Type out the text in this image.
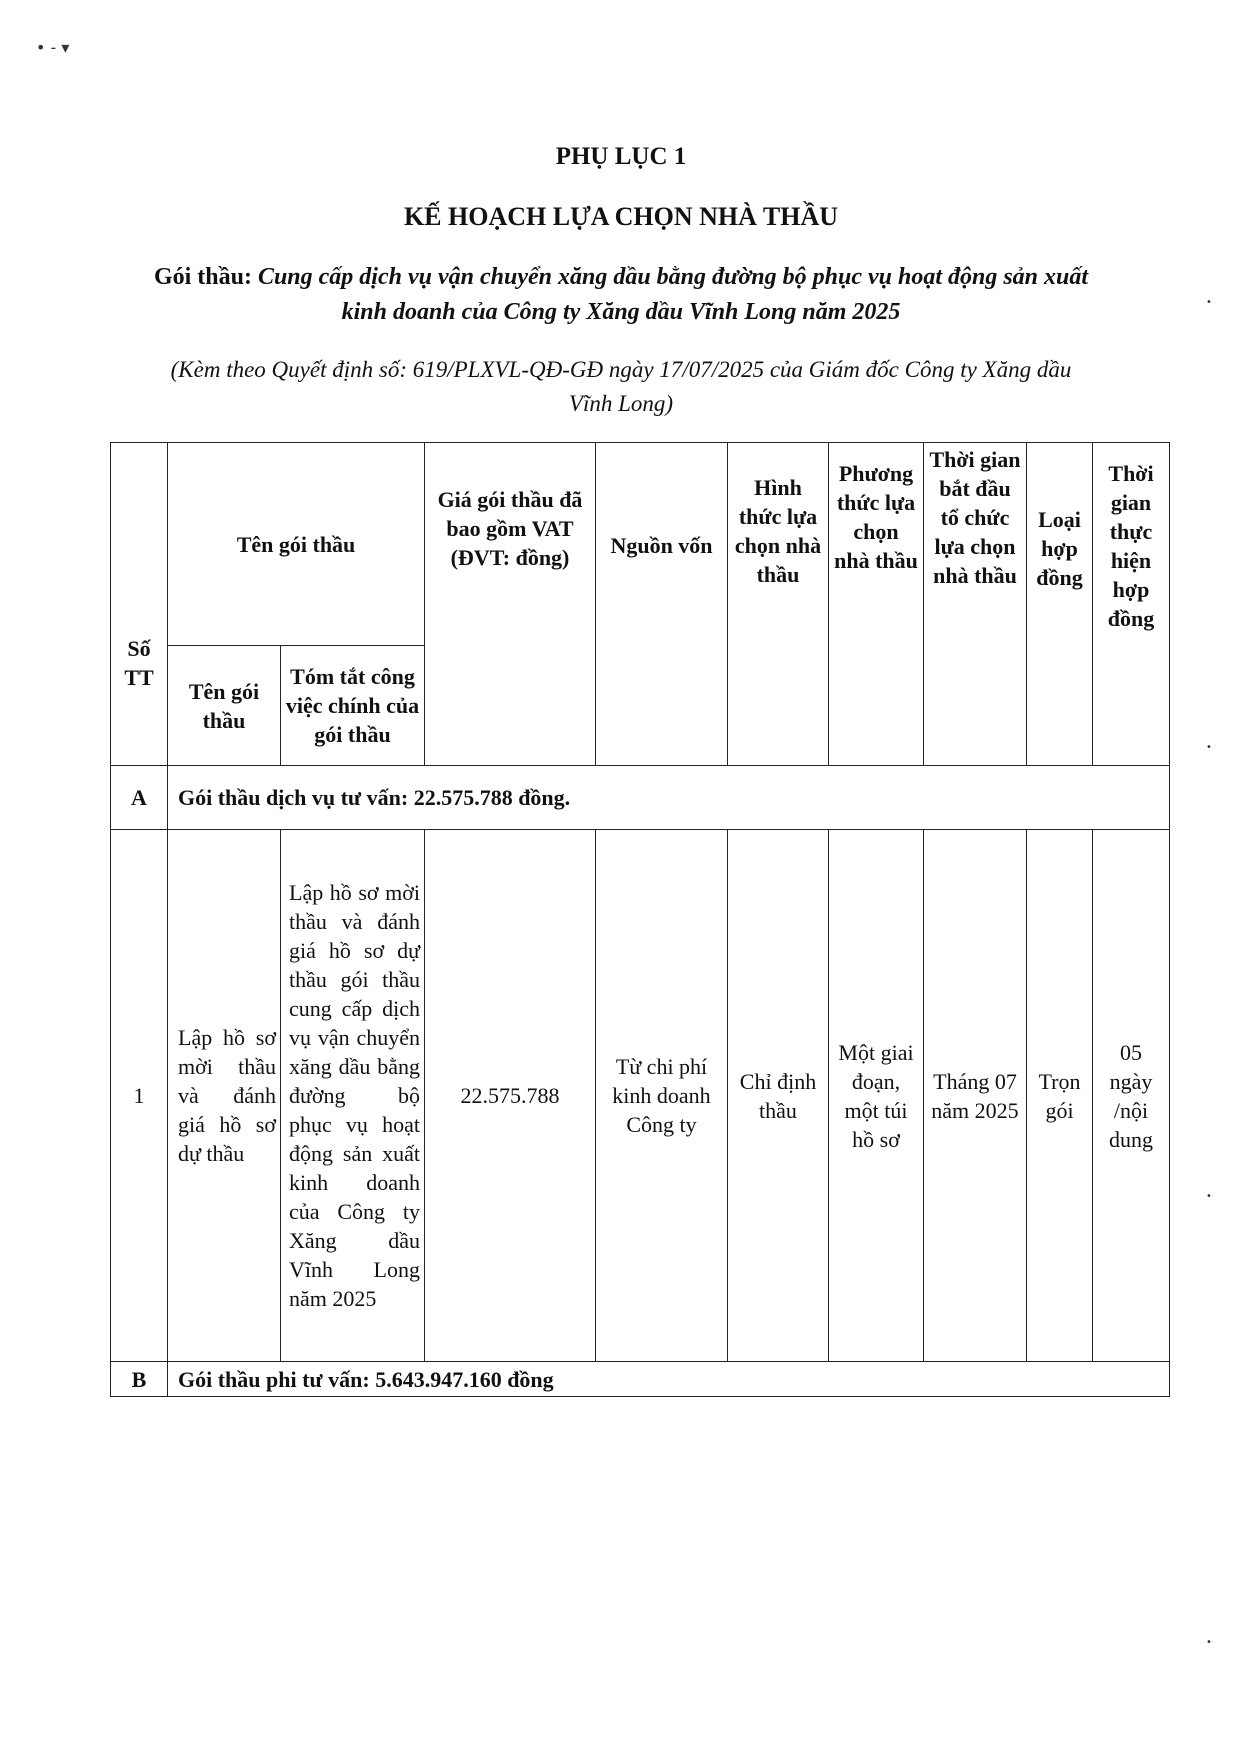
• - ▾
PHỤ LỤC 1
KẾ HOẠCH LỰA CHỌN NHÀ THẦU
Gói thầu: Cung cấp dịch vụ vận chuyển xăng dầu bằng đường bộ phục vụ hoạt động sản xuất kinh doanh của Công ty Xăng dầu Vĩnh Long năm 2025
(Kèm theo Quyết định số: 619/PLXVL-QĐ-GĐ ngày 17/07/2025 của Giám đốc Công ty Xăng dầu Vĩnh Long)
Số TT	Tên gói thầu		Giá gói thầu đã bao gồm VAT (ĐVT: đồng)	Nguồn vốn	Hình thức lựa chọn nhà thầu	Phương thức lựa chọn nhà thầu	Thời gian bắt đầu tổ chức lựa chọn nhà thầu	Loại hợp đồng	Thời gian thực hiện hợp đồng
	Tên gói thầu	Tóm tắt công việc chính của gói thầu							
A	Gói thầu dịch vụ tư vấn: 22.575.788 đồng.								
1	Lập hồ sơ mời thầu và đánh giá hồ sơ dự thầu	Lập hồ sơ mời thầu và đánh giá hồ sơ dự thầu gói thầu cung cấp dịch vụ vận chuyển xăng dầu bằng đường bộ phục vụ hoạt động sản xuất kinh doanh của Công ty Xăng dầu Vĩnh Long năm 2025	22.575.788	Từ chi phí kinh doanh Công ty	Chỉ định thầu	Một giai đoạn, một túi hồ sơ	Tháng 07 năm 2025	Trọn gói	05 ngày /nội dung
B	Gói thầu phi tư vấn: 5.643.947.160 đồng								
•
•
•
•
